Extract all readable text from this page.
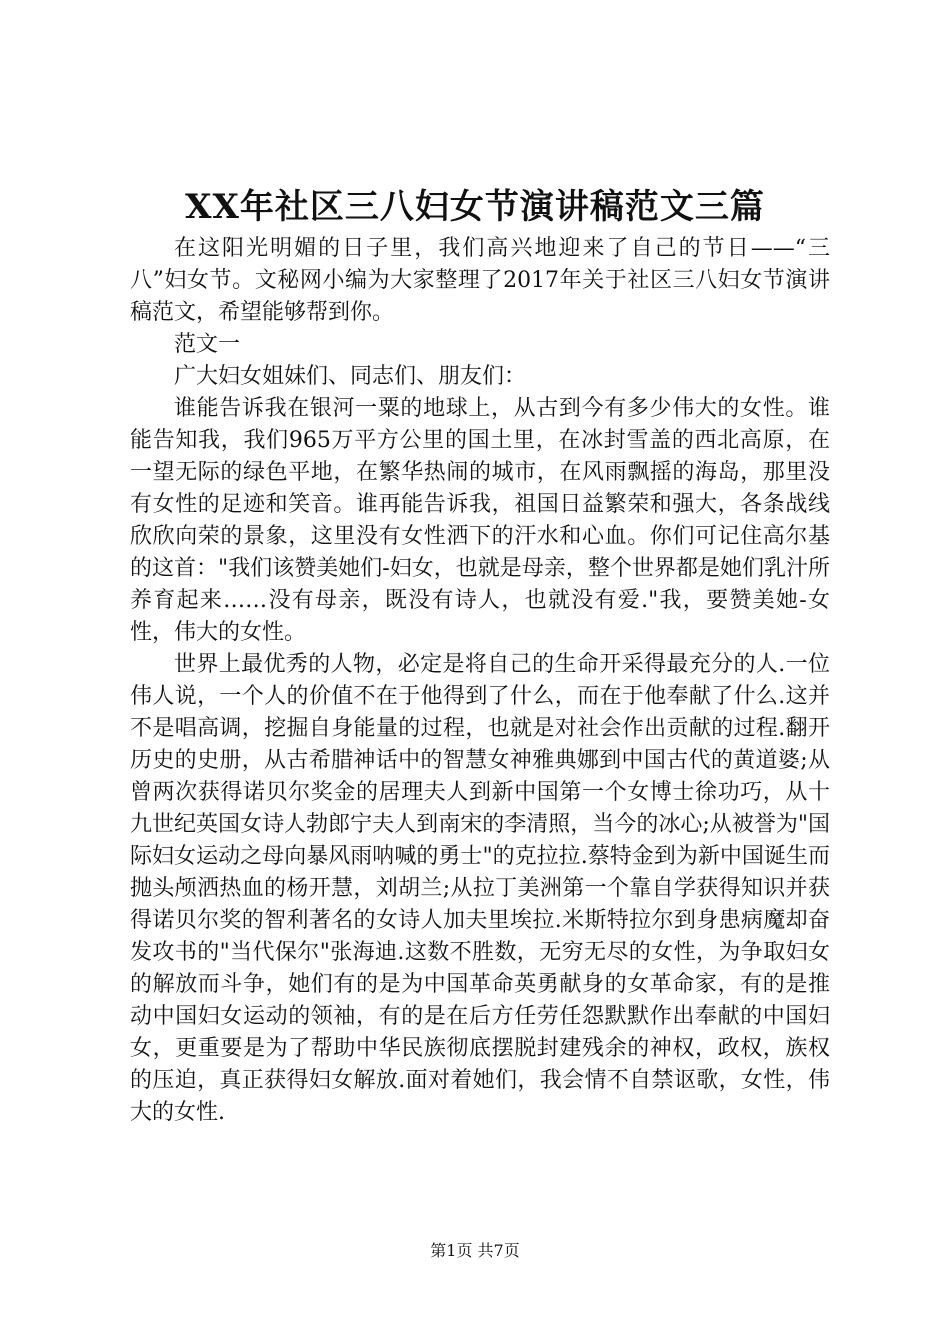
XX年社区三八妇女节演讲稿范文三篇

在这阳光明媚的日子里，我们高兴地迎来了自己的节日——“三八”妇女节。文秘网小编为大家整理了2017年关于社区三八妇女节演讲稿范文，希望能够帮到你。

范文一

广大妇女姐妹们、同志们、朋友们：

谁能告诉我在银河一粟的地球上，从古到今有多少伟大的女性。谁能告知我，我们965万平方公里的国土里，在冰封雪盖的西北高原，在一望无际的绿色平地，在繁华热闹的城市，在风雨飘摇的海岛，那里没有女性的足迹和笑音。谁再能告诉我，祖国日益繁荣和强大，各条战线欣欣向荣的景象，这里没有女性洒下的汗水和心血。你们可记住高尔基的这首："我们该赞美她们-妇女，也就是母亲，整个世界都是她们乳汁所养育起来……没有母亲，既没有诗人，也就没有爱."我，要赞美她-女性，伟大的女性。

世界上最优秀的人物，必定是将自己的生命开采得最充分的人.一位伟人说，一个人的价值不在于他得到了什么，而在于他奉献了什么.这并不是唱高调，挖掘自身能量的过程，也就是对社会作出贡献的过程.翻开历史的史册，从古希腊神话中的智慧女神雅典娜到中国古代的黄道婆;从曾两次获得诺贝尔奖金的居理夫人到新中国第一个女博士徐功巧，从十九世纪英国女诗人勃郎宁夫人到南宋的李清照，当今的冰心;从被誉为"国际妇女运动之母向暴风雨呐喊的勇士"的克拉拉.蔡特金到为新中国诞生而抛头颅洒热血的杨开慧，刘胡兰;从拉丁美洲第一个靠自学获得知识并获得诺贝尔奖的智利著名的女诗人加夫里埃拉.米斯特拉尔到身患病魔却奋发攻书的"当代保尔"张海迪.这数不胜数，无穷无尽的女性，为争取妇女的解放而斗争，她们有的是为中国革命英勇献身的女革命家，有的是推动中国妇女运动的领袖，有的是在后方任劳任怨默默作出奉献的中国妇女，更重要是为了帮助中华民族彻底摆脱封建残余的神权，政权，族权的压迫，真正获得妇女解放.面对着她们，我会情不自禁讴歌，女性，伟大的女性.

第1页 共7页
